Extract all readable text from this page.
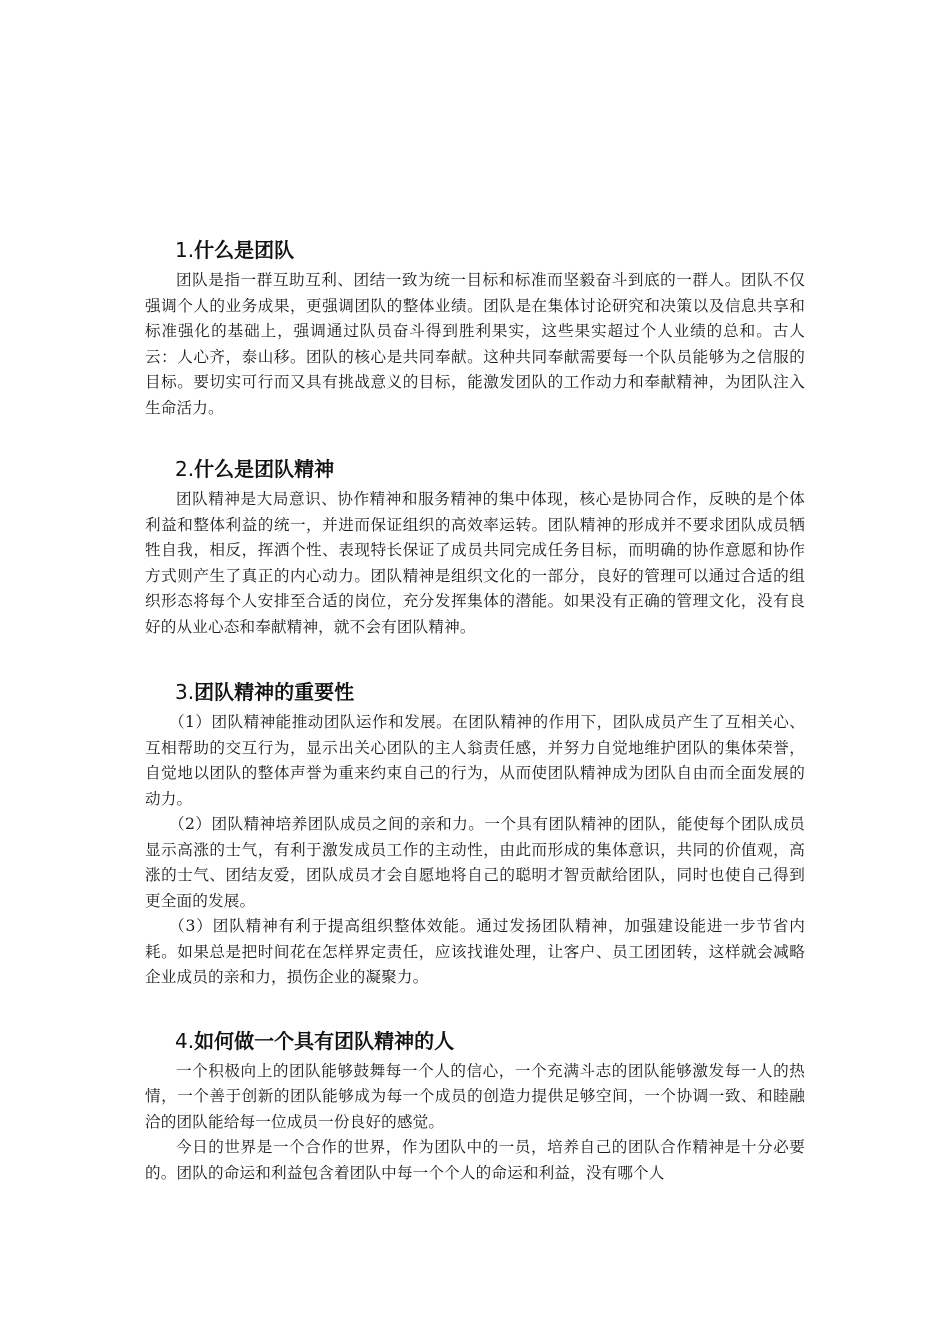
1.什么是团队

团队是指一群互助互利、团结一致为统一目标和标准而坚毅奋斗到底的一群人。团队不仅强调个人的业务成果，更强调团队的整体业绩。团队是在集体讨论研究和决策以及信息共享和标准强化的基础上，强调通过队员奋斗得到胜利果实，这些果实超过个人业绩的总和。古人云：人心齐，泰山移。团队的核心是共同奉献。这种共同奉献需要每一个队员能够为之信服的目标。要切实可行而又具有挑战意义的目标，能激发团队的工作动力和奉献精神，为团队注入生命活力。

2.什么是团队精神

团队精神是大局意识、协作精神和服务精神的集中体现，核心是协同合作，反映的是个体利益和整体利益的统一，并进而保证组织的高效率运转。团队精神的形成并不要求团队成员牺牲自我，相反，挥洒个性、表现特长保证了成员共同完成任务目标，而明确的协作意愿和协作方式则产生了真正的内心动力。团队精神是组织文化的一部分，良好的管理可以通过合适的组织形态将每个人安排至合适的岗位，充分发挥集体的潜能。如果没有正确的管理文化，没有良好的从业心态和奉献精神，就不会有团队精神。

3.团队精神的重要性

（1）团队精神能推动团队运作和发展。在团队精神的作用下，团队成员产生了互相关心、互相帮助的交互行为，显示出关心团队的主人翁责任感，并努力自觉地维护团队的集体荣誉，自觉地以团队的整体声誉为重来约束自己的行为，从而使团队精神成为团队自由而全面发展的动力。

（2）团队精神培养团队成员之间的亲和力。一个具有团队精神的团队，能使每个团队成员显示高涨的士气，有利于激发成员工作的主动性，由此而形成的集体意识，共同的价值观，高涨的士气、团结友爱，团队成员才会自愿地将自己的聪明才智贡献给团队，同时也使自己得到更全面的发展。

（3）团队精神有利于提高组织整体效能。通过发扬团队精神，加强建设能进一步节省内耗。如果总是把时间花在怎样界定责任，应该找谁处理，让客户、员工团团转，这样就会减略企业成员的亲和力，损伤企业的凝聚力。

4.如何做一个具有团队精神的人

一个积极向上的团队能够鼓舞每一个人的信心，一个充满斗志的团队能够激发每一人的热情，一个善于创新的团队能够成为每一个成员的创造力提供足够空间，一个协调一致、和睦融洽的团队能给每一位成员一份良好的感觉。

今日的世界是一个合作的世界，作为团队中的一员，培养自己的团队合作精神是十分必要的。团队的命运和利益包含着团队中每一个个人的命运和利益，没有哪个人
